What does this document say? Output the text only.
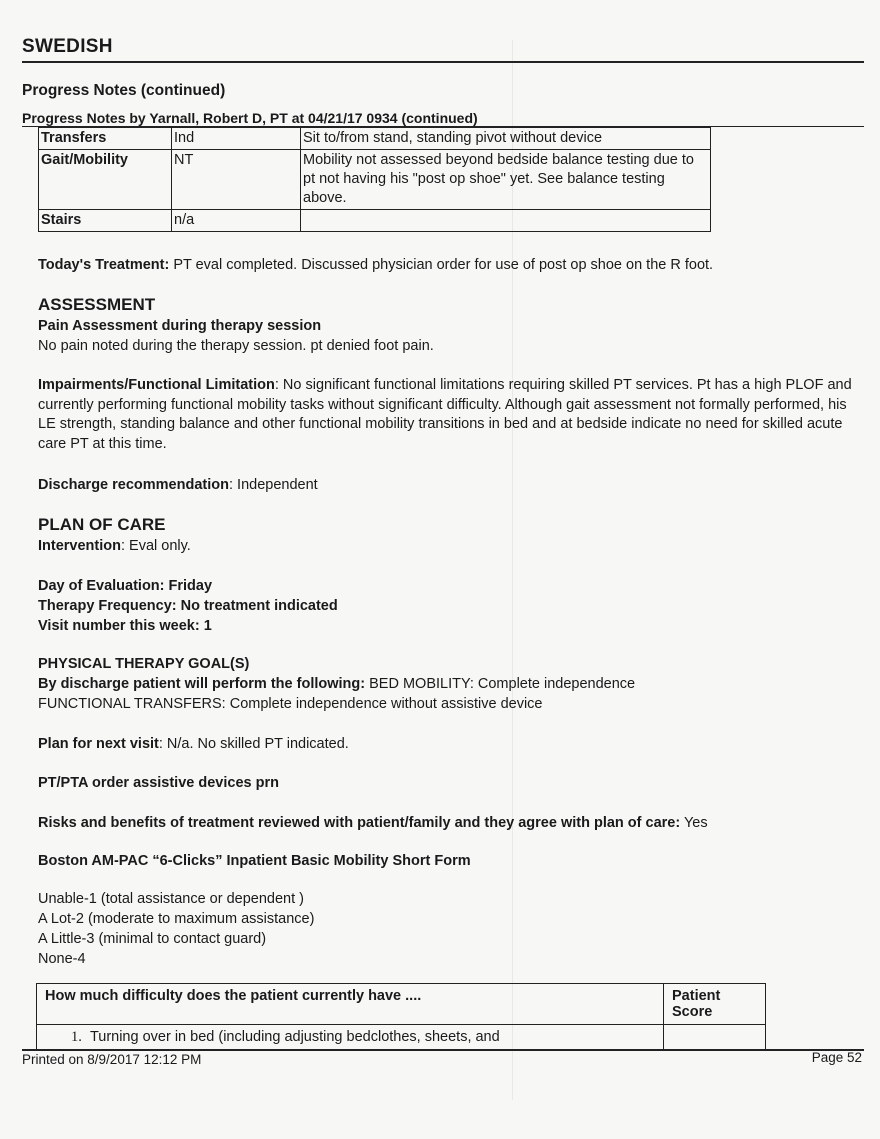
SWEDISH
Progress Notes (continued)
Progress Notes by Yarnall, Robert D, PT at 04/21/17 0934 (continued)
Transfers	Ind	Sit to/from stand, standing pivot without device
Gait/Mobility	NT	Mobility not assessed beyond bedside balance testing due to pt not having his "post op shoe" yet. See balance testing above.
Stairs	n/a	
Today's Treatment: PT eval completed. Discussed physician order for use of post op shoe on the R foot.
ASSESSMENT
Pain Assessment during therapy session
No pain noted during the therapy session. pt denied foot pain.
Impairments/Functional Limitation: No significant functional limitations requiring skilled PT services. Pt has a high PLOF and currently performing functional mobility tasks without significant difficulty. Although gait assessment not formally performed, his LE strength, standing balance and other functional mobility transitions in bed and at bedside indicate no need for skilled acute care PT at this time.
Discharge recommendation: Independent
PLAN OF CARE
Intervention: Eval only.
Day of Evaluation: Friday
Therapy Frequency: No treatment indicated
Visit number this week: 1
PHYSICAL THERAPY GOAL(S)
By discharge patient will perform the following: BED MOBILITY: Complete independence
FUNCTIONAL TRANSFERS: Complete independence without assistive device
Plan for next visit: N/a. No skilled PT indicated.
PT/PTA order assistive devices prn
Risks and benefits of treatment reviewed with patient/family and they agree with plan of care: Yes
Boston AM-PAC “6-Clicks” Inpatient Basic Mobility Short Form
Unable-1 (total assistance or dependent )
A Lot-2 (moderate to maximum assistance)
A Little-3 (minimal to contact guard)
None-4
How much difficulty does the patient currently have ....	Patient Score
1. Turning over in bed (including adjusting bedclothes, sheets, and	
Printed on 8/9/2017 12:12 PM	Page 52
